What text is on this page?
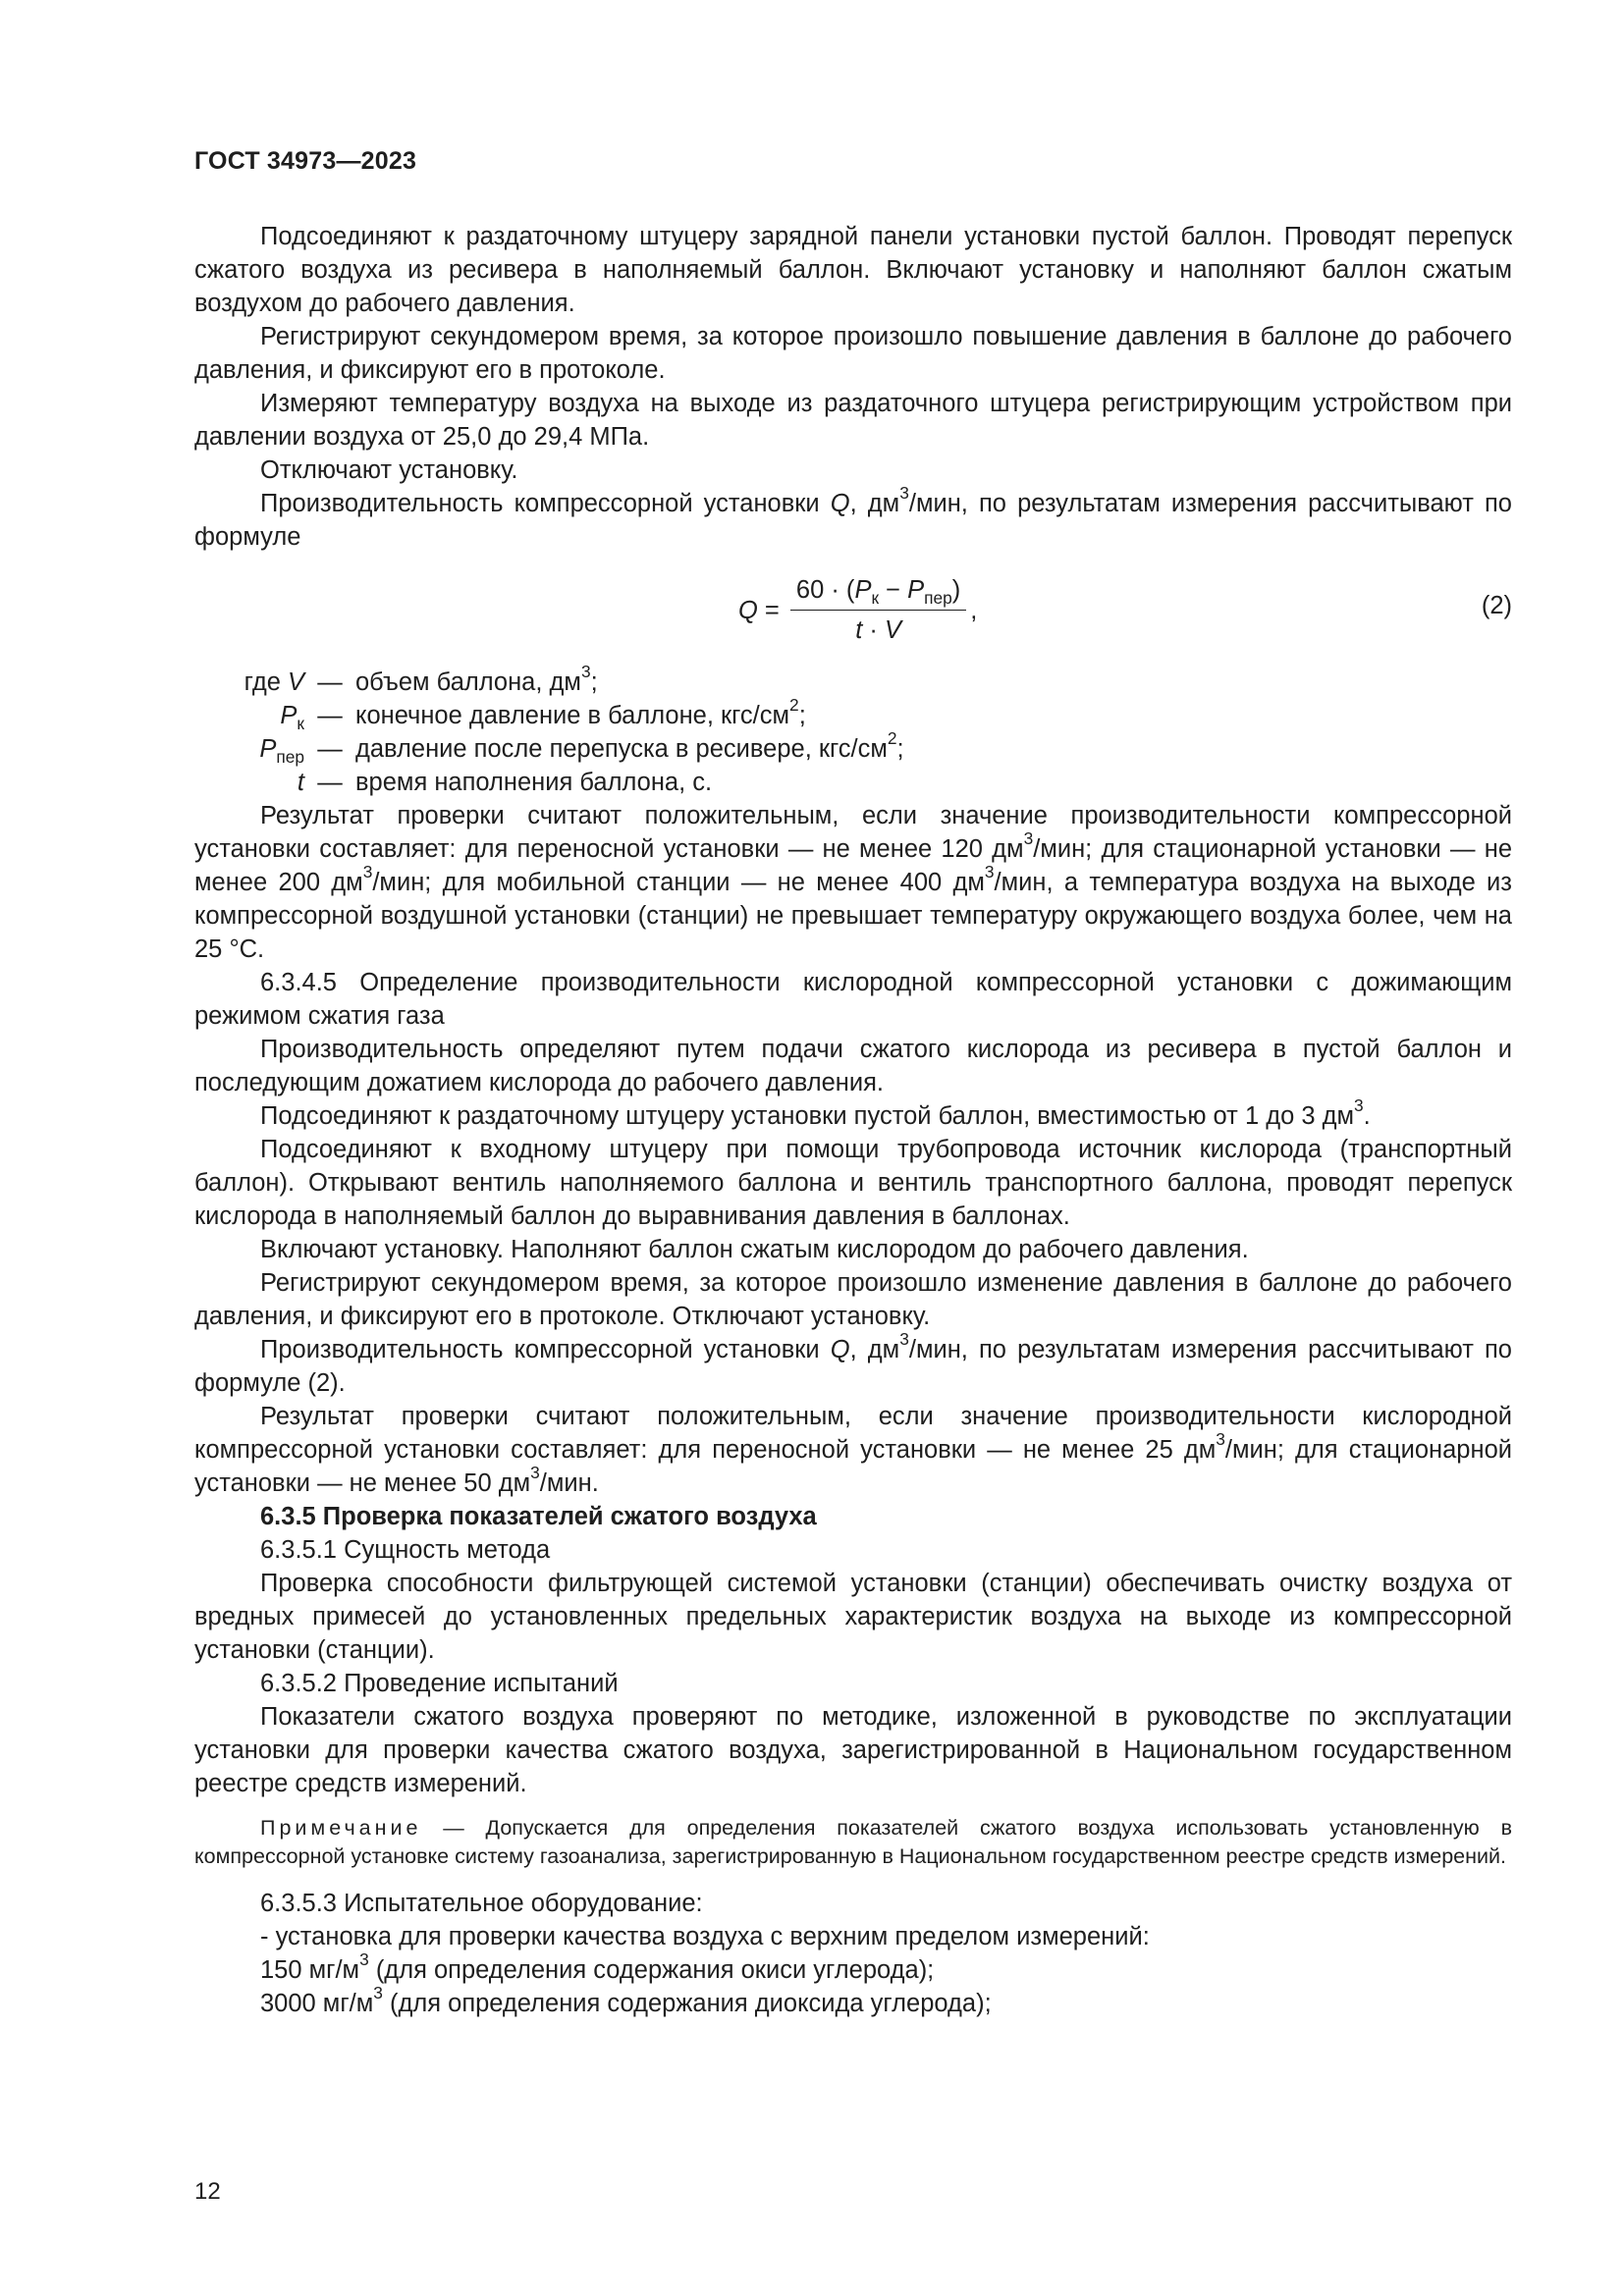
ГОСТ 34973—2023

Подсоединяют к раздаточному штуцеру зарядной панели установки пустой баллон. Проводят перепуск сжатого воздуха из ресивера в наполняемый баллон. Включают установку и наполняют баллон сжатым воздухом до рабочего давления.

Регистрируют секундомером время, за которое произошло повышение давления в баллоне до рабочего давления, и фиксируют его в протоколе.

Измеряют температуру воздуха на выходе из раздаточного штуцера регистрирующим устройством при давлении воздуха от 25,0 до 29,4 МПа.

Отключают установку.

Производительность компрессорной установки Q, $дм^3$/мин, по результатам измерения рассчитывают по формуле

$Q = \frac{60 \cdot (P_к - P_{пер})}{t \cdot V}$ ,	(2)
где V — объем баллона, $дм^3$;
$P_к$ — конечное давление в баллоне, кгс/$см^2$;
$P_{пер}$ — давление после перепуска в ресивере, кгс/$см^2$;
t — время наполнения баллона, с.

Результат проверки считают положительным, если значение производительности компрессорной установки составляет: для переносной установки — не менее 120 $дм^3$/мин; для стационарной установки — не менее 200 $дм^3$/мин; для мобильной станции — не менее 400 $дм^3$/мин, а температура воздуха на выходе из компрессорной воздушной установки (станции) не превышает температуру окружающего воздуха более, чем на 25 °C.

6.3.4.5 Определение производительности кислородной компрессорной установки с дожимающим режимом сжатия газа

Производительность определяют путем подачи сжатого кислорода из ресивера в пустой баллон и последующим дожатием кислорода до рабочего давления.

Подсоединяют к раздаточному штуцеру установки пустой баллон, вместимостью от 1 до 3 $дм^3$.

Подсоединяют к входному штуцеру при помощи трубопровода источник кислорода (транспортный баллон). Открывают вентиль наполняемого баллона и вентиль транспортного баллона, проводят перепуск кислорода в наполняемый баллон до выравнивания давления в баллонах.

Включают установку. Наполняют баллон сжатым кислородом до рабочего давления.

Регистрируют секундомером время, за которое произошло изменение давления в баллоне до рабочего давления, и фиксируют его в протоколе. Отключают установку.

Производительность компрессорной установки Q, $дм^3$/мин, по результатам измерения рассчитывают по формуле (2).

Результат проверки считают положительным, если значение производительности кислородной компрессорной установки составляет: для переносной установки — не менее 25 $дм^3$/мин; для стационарной установки — не менее 50 $дм^3$/мин.

6.3.5 Проверка показателей сжатого воздуха

6.3.5.1 Сущность метода

Проверка способности фильтрующей системой установки (станции) обеспечивать очистку воздуха от вредных примесей до установленных предельных характеристик воздуха на выходе из компрессорной установки (станции).

6.3.5.2 Проведение испытаний

Показатели сжатого воздуха проверяют по методике, изложенной в руководстве по эксплуатации установки для проверки качества сжатого воздуха, зарегистрированной в Национальном государственном реестре средств измерений.

Примечание — Допускается для определения показателей сжатого воздуха использовать установленную в компрессорной установке систему газоанализа, зарегистрированную в Национальном государственном реестре средств измерений.

6.3.5.3 Испытательное оборудование:

- установка для проверки качества воздуха с верхним пределом измерений:

150 $мг/м^3$ (для определения содержания окиси углерода);

3000 $мг/м^3$ (для определения содержания диоксида углерода);

12
